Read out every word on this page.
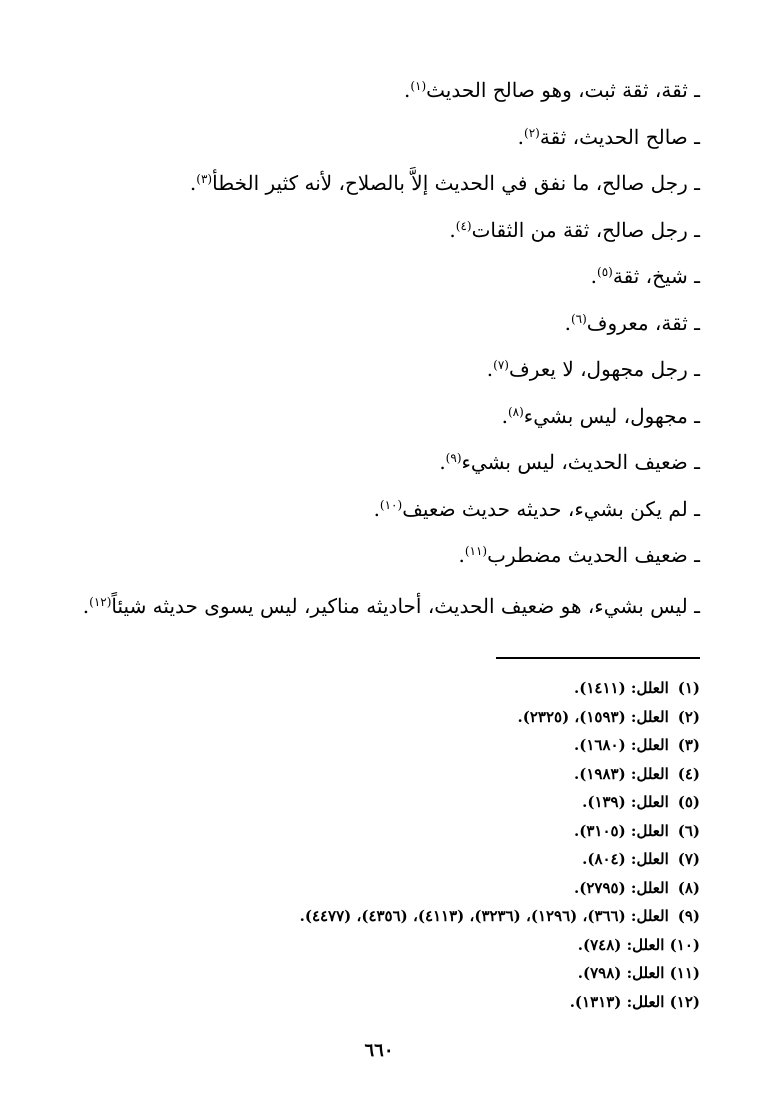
ـ ثقة، ثقة ثبت، وهو صالح الحديث$^{(١)}$.

ـ صالح الحديث، ثقة$^{(٢)}$.

ـ رجل صالح، ما نفق في الحديث إلاَّ بالصلاح، لأنه كثير الخطأ$^{(٣)}$.

ـ رجل صالح، ثقة من الثقات$^{(٤)}$.

ـ شيخ، ثقة$^{(٥)}$.

ـ ثقة، معروف$^{(٦)}$.

ـ رجل مجهول، لا يعرف$^{(٧)}$.

ـ مجهول، ليس بشيء$^{(٨)}$.

ـ ضعيف الحديث، ليس بشيء$^{(٩)}$.

ـ لم يكن بشيء، حديثه حديث ضعيف$^{(١٠)}$.

ـ ضعيف الحديث مضطرب$^{(١١)}$.

ـ ليس بشيء، هو ضعيف الحديث، أحاديثه مناكير، ليس يسوى حديثه شيئاً$^{(١٢)}$.

(١) العلل: (١٤١١).
(٢) العلل: (١٥٩٣)، (٢٣٢٥).
(٣) العلل: (١٦٨٠).
(٤) العلل: (١٩٨٣).
(٥) العلل: (١٣٩).
(٦) العلل: (٣١٠٥).
(٧) العلل: (٨٠٤).
(٨) العلل: (٢٧٩٥).
(٩) العلل: (٣٦٦)، (١٢٩٦)، (٣٢٣٦)، (٤١١٣)، (٤٣٥٦)، (٤٤٧٧).
(١٠) العلل: (٧٤٨).
(١١) العلل: (٧٩٨).
(١٢) العلل: (١٣١٣).
٦٦٠
